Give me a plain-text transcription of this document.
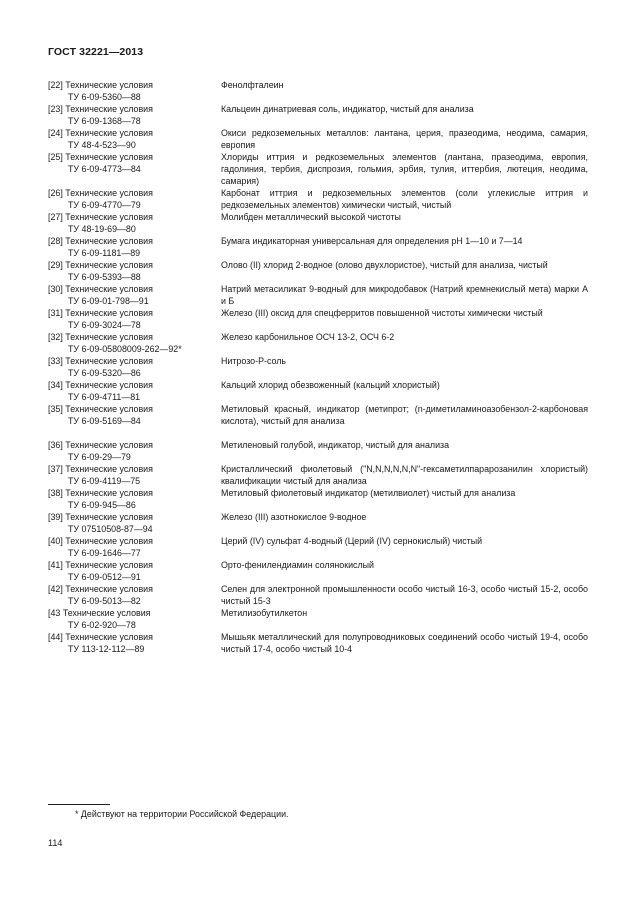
ГОСТ 32221—2013
[22] Технические условия
ТУ 6-09-5360—88
Фенолфталеин
[23] Технические условия
ТУ 6-09-1368—78
Кальцеин динатриевая соль, индикатор, чистый для анализа
[24] Технические условия
ТУ 48-4-523—90
Окиси редкоземельных металлов: лантана, церия, празеодима, неодима, самария, европия
[25] Технические условия
ТУ 6-09-4773—84
Хлориды иттрия и редкоземельных элементов (лантана, празеодима, европия, гадолиния, тербия, диспрозия, гольмия, эрбия, тулия, иттербия, лютеция, неодима, самария)
[26] Технические условия
ТУ 6-09-4770—79
Карбонат иттрия и редкоземельных элементов (соли углекислые иттрия и редкоземельных элементов) химически чистый, чистый
[27] Технические условия
ТУ 48-19-69—80
Молибден металлический высокой чистоты
[28] Технические условия
ТУ 6-09-1181—89
Бумага индикаторная универсальная для определения pH 1—10 и 7—14
[29] Технические условия
ТУ 6-09-5393—88
Олово (II) хлорид 2-водное (олово двухлористое), чистый для анализа, чистый
[30] Технические условия
ТУ 6-09-01-798—91
Натрий метасиликат 9-водный для микродобавок (Натрий кремнекислый мета) марки А и Б
[31] Технические условия
ТУ 6-09-3024—78
Железо (III) оксид для спецферритов повышенной чистоты химически чистый
[32] Технические условия
ТУ 6-09-05808009-262—92*
Железо карбонильное ОСЧ 13-2, ОСЧ 6-2
[33] Технические условия
ТУ 6-09-5320—86
Нитрозо-Р-соль
[34] Технические условия
ТУ 6-09-4711—81
Кальций хлорид обезвоженный (кальций хлористый)
[35] Технические условия
ТУ 6-09-5169—84
Метиловый красный, индикатор (метипрот; (n-диметиламиноазобензол-2-карбоновая кислота), чистый для анализа
[36] Технические условия
ТУ 6-09-29—79
Метиленовый голубой, индикатор, чистый для анализа
[37] Технические условия
ТУ 6-09-4119—75
Кристаллический фиолетовый ("N,N,N,N,N,N"-гексаметилпарарозанилин хлористый) квалификации чистый для анализа
[38] Технические условия
ТУ 6-09-945—86
Метиловый фиолетовый индикатор (метилвиолет) чистый для анализа
[39] Технические условия
ТУ 07510508-87—94
Железо (III) азотнокислое 9-водное
[40] Технические условия
ТУ 6-09-1646—77
Церий (IV) сульфат 4-водный (Церий (IV) сернокислый) чистый
[41] Технические условия
ТУ 6-09-0512—91
Орто-фенилендиамин солянокислый
[42] Технические условия
ТУ 6-09-5013—82
Селен для электронной промышленности особо чистый 16-3, особо чистый 15-2, особо чистый 15-3
[43 Технические условия
ТУ 6-02-920—78
Метилизобутилкетон
[44] Технические условия
ТУ 113-12-112—89
Мышьяк металлический для полупроводниковых соединений особо чистый 19-4, особо чистый 17-4, особо чистый 10-4
* Действуют на территории Российской Федерации.
114
